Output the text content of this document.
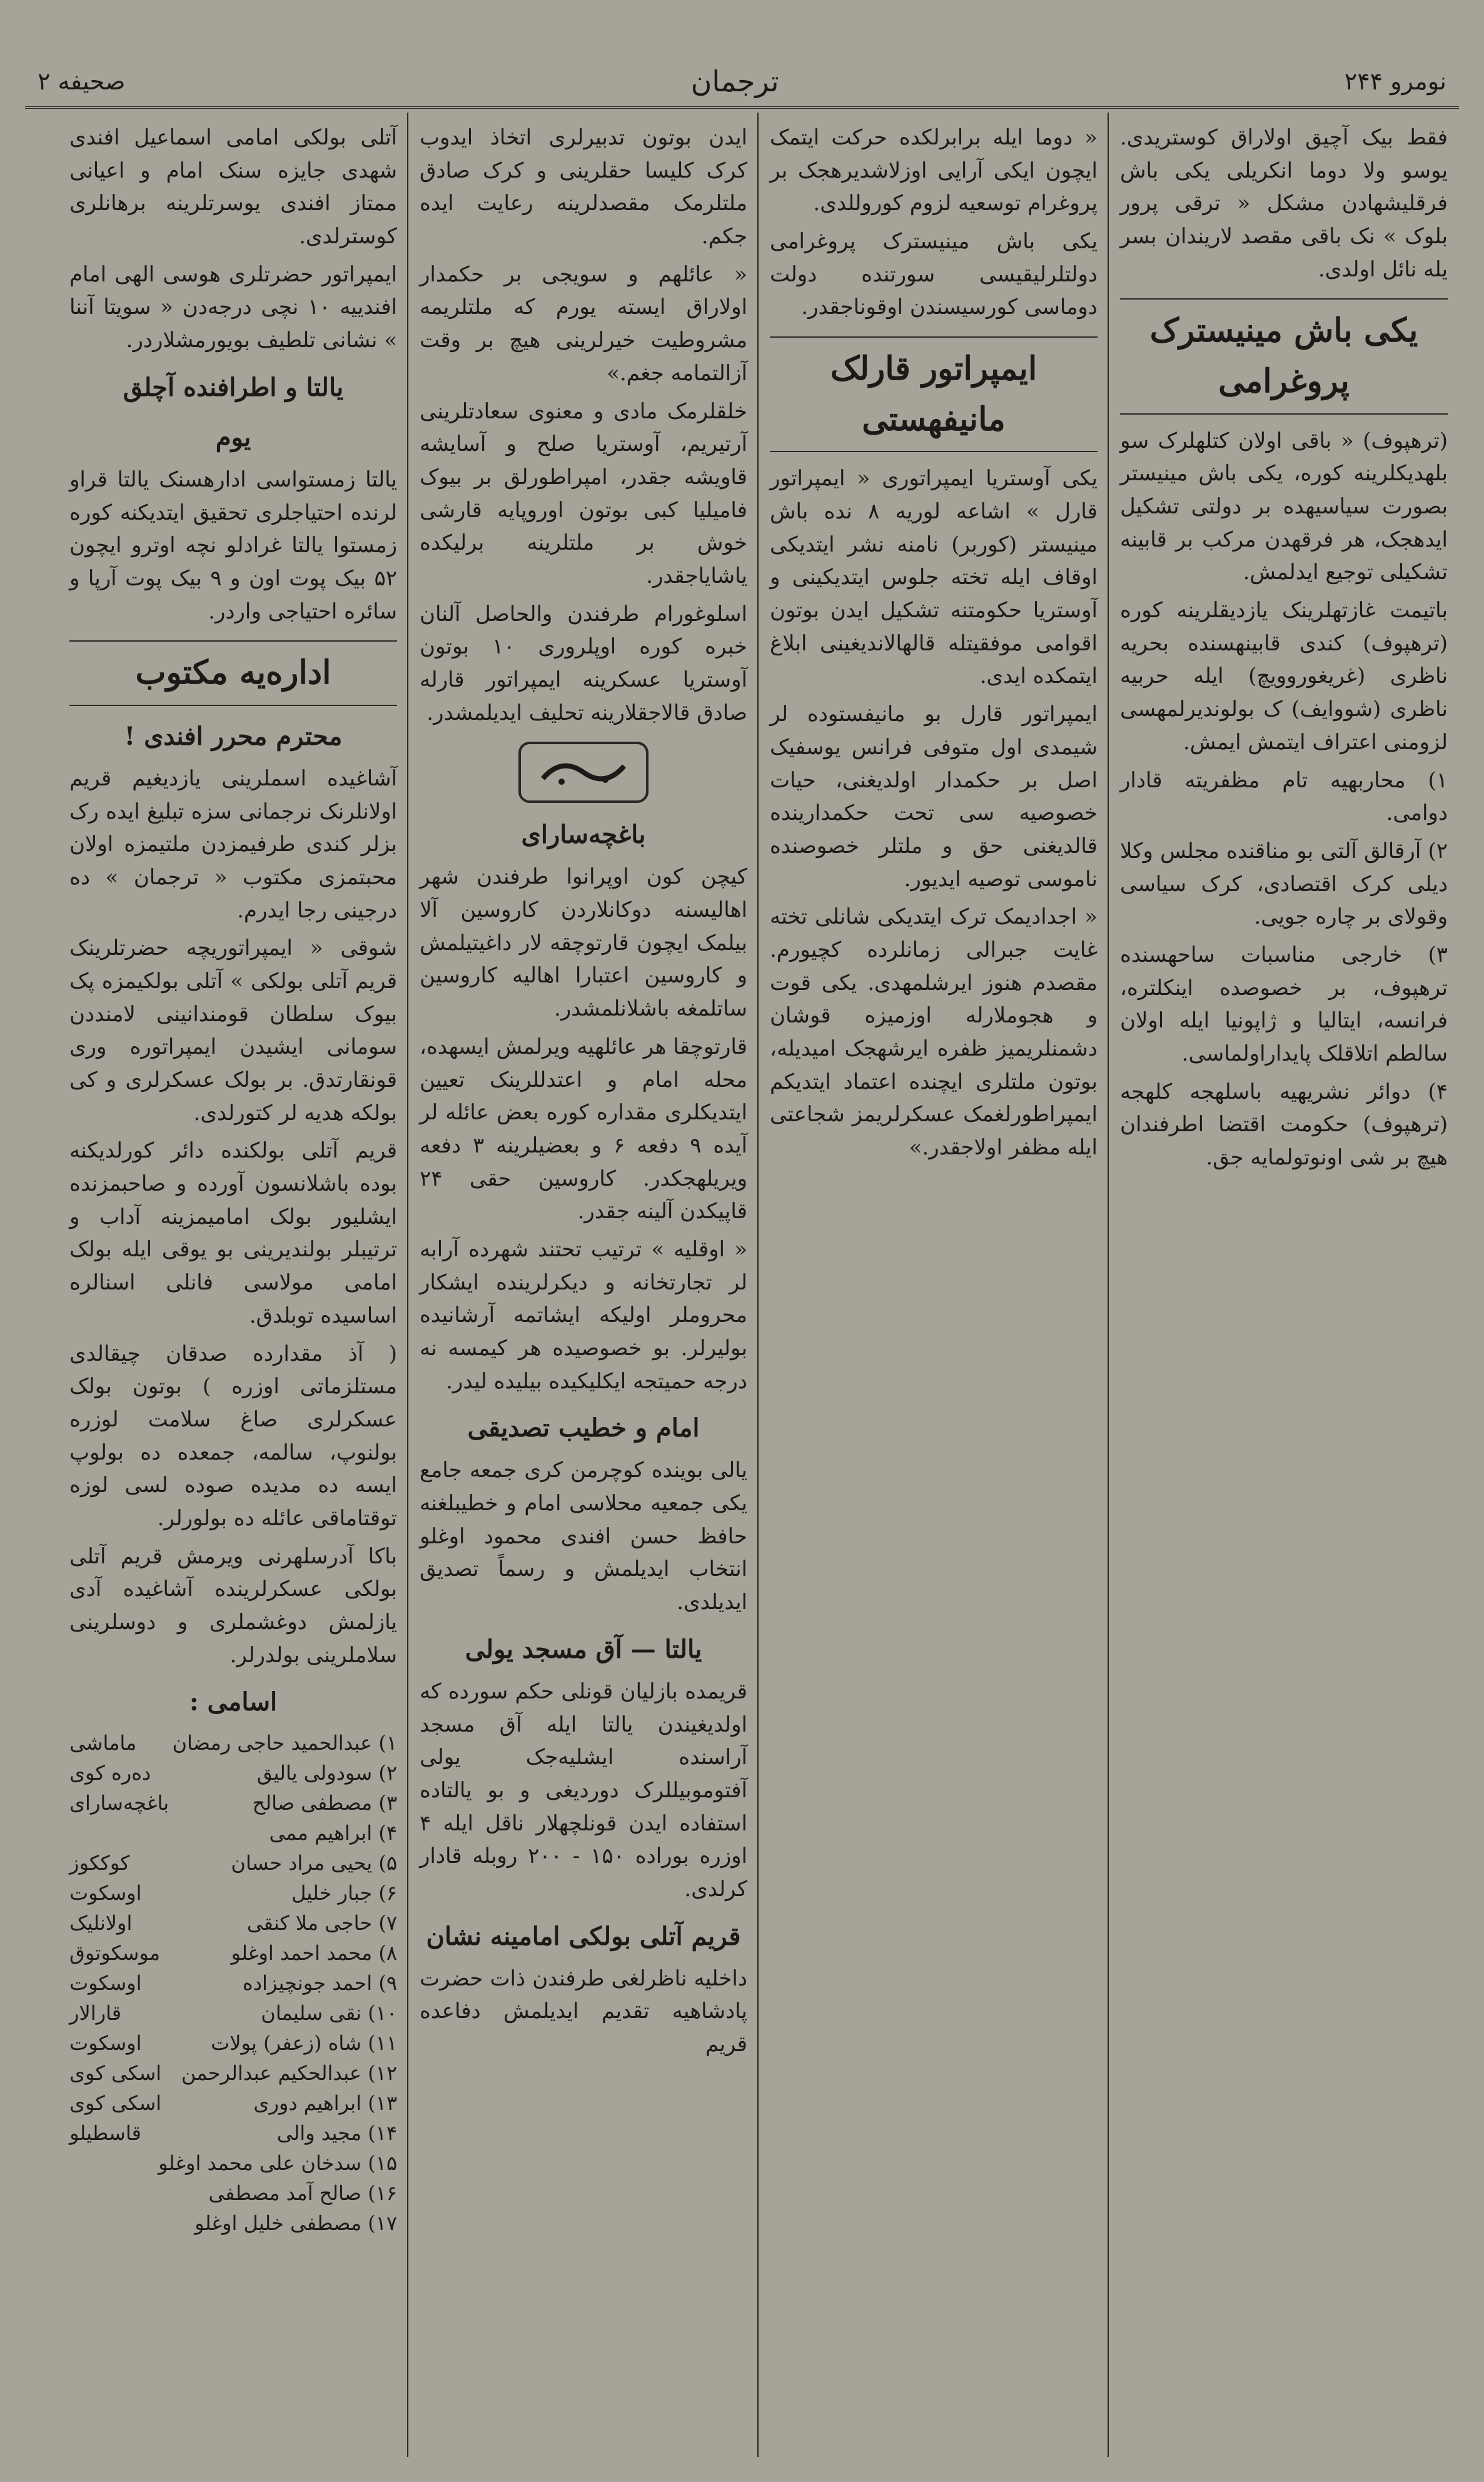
نومرو ۲۴۴
ترجمان
صحیفه ۲

فقط بیک آچیق اولاراق کوستریدی. یوسو ولا دوما انکریلی یکی باش فرقلیشهادن مشکل « ترقی پرور بلوک » نک باقی مقصد لاریندان بسر یله نائل اولدی.

یکی باش مینیسترک پروغرامی

(ترهپوف) « باقی اولان کتلهلرک سو بلهدیکلرینه کوره، یکی باش مینیستر بصورت سیاسیهده بر دولتی تشکیل ایدهجک، هر فرقهدن مرکب بر قابینه تشکیلی توجیع ایدلمش.

باتیمت غازتهلرینک یازدیقلرینه کوره (ترهپوف) کندی قابینهسنده بحریه ناظری (غریغوروویچ) ایله حربیه ناظری (شووایف) ک بولوندیرلمهسی لزومنی اعتراف ایتمش ایمش.

۱) محاربهیه تام مظفریته قادار دوامی.

۲) آرقالق آلتی بو مناقنده مجلس وکلا دیلی کرک اقتصادی، کرک سیاسی وقولای بر چاره جویی.

۳) خارجی مناسبات ساحهسنده ترهپوف، بر خصوصده اینکلتره، فرانسه، ایتالیا و ژاپونیا ایله اولان سالطم اتلاقلک پایداراولماسی.

۴) دوائر نشریهیه باسلهجه کلهجه (ترهپوف) حکومت اقتضا اطرفندان هیچ بر شی اونوتولمایه جق.

« دوما ایله برابرلکده حرکت ایتمک ایچون ایکی آرایی اوزلاشدیرهجک بر پروغرام توسعیه لزوم کوروللدی.

یکی باش مینیسترک پروغرامی دولتلرلیقیسی سورتنده دولت دوماسی کورسیسندن اوقوناجقدر.

ایمپراتور قارلک مانیفهستی

یکی آوستریا ایمپراتوری « ایمپراتور قارل » اشاعه لوریه ۸ نده باش مینیستر (کوربر) نامنه نشر ایتدیکی اوقاف ایله تخته جلوس ایتدیکینی و آوستریا حکومتنه تشکیل ایدن بوتون اقوامی موفقیتله قالهالاندیغینی ابلاغ ایتمکده ایدی.

ایمپراتور قارل بو مانیفستوده لر شیمدی اول متوفی فرانس یوسفیک اصل بر حکمدار اولدیغنی، حیات خصوصیه سی تحت حکمدارینده قالدیغنی حق و ملتلر خصوصنده ناموسی توصیه ایدیور.

« اجدادیمک ترک ایتدیکی شانلی تخته غایت جبرالی زمانلرده کچیورم. مقصدم هنوز ایرشلمهدی. یکی قوت و هجوملارله اوزمیزه قوشان دشمنلریمیز ظفره ایرشهجک امیدیله، بوتون ملتلری ایچنده اعتماد ایتدیکم ایمپراطورلغمک عسکرلریمز شجاعتی ایله مظفر اولاجقدر.»

ایدن بوتون تدبیرلری اتخاذ ایدوب کرک کلیسا حقلرینی و کرک صادق ملتلرمک مقصدلرینه رعایت ایده جکم.

« عائلهم و سویجی بر حکمدار اولاراق ایسته یورم که ملتلریمه مشروطیت خیرلرینی هیچ بر وقت آزالتمامه جغم.»

خلقلرمک مادی و معنوی سعادتلرینی آرتیریم، آوستریا صلح و آسایشه قاویشه جقدر، امپراطورلق بر بیوک فامیلیا کبی بوتون اوروپایه قارشی خوش بر ملتلرینه برلیکده یاشایاجقدر.

اسلوغورام طرفندن والحاصل آلنان خبره کوره اوپلروری ۱۰ بوتون آوستریا عسکرینه ایمپراتور قارله صادق قالاجقلارینه تحلیف ایدیلمشدر.

باغچه‌سارای

کیچن کون اوپرانوا طرفندن شهر اهالیسنه دوکانلاردن کاروسین آلا بیلمک ایچون قارتوچقه لار داغیتیلمش و کاروسین اعتبارا اهالیه کاروسین ساتلمغه باشلانلمشدر.

قارتوچقا هر عائلهیه ویرلمش ایسهده، محله امام و اعتدللرینک تعیین ایتدیکلری مقداره کوره بعض عائله لر آیده ۹ دفعه ۶ و بعضیلرینه ۳ دفعه ویریلهجکدر. کاروسین حقی ۲۴ قاپیکدن آلینه جقدر.

« اوقلیه » ترتیب تحتند شهرده آرابه لر تجارتخانه و دیکرلرینده ایشکار محروملر اولیکه ایشاتمه آرشانیده بولیرلر. بو خصوصیده هر کیمسه نه درجه حمیتجه ایکلیکیده بیلیده لیدر.

امام و خطیب تصدیقی

یالی بوینده کوچرمن کری جمعه جامع یکی جمعیه محلاسی امام و خطیبلغنه حافظ حسن افندی محمود اوغلو انتخاب ایدیلمش و رسماً تصدیق ایدیلدی.

یالتا — آق مسجد یولی

قریمده بازلیان قونلی حکم سورده که اولدیغیندن یالتا ایله آق مسجد آراسنده ایشلیه‌جک یولی آفتوموبیللرک دوردیغی و بو یالتاده استفاده ایدن قونلچهلار ناقل ایله ۴ اوزره بوراده ۱۵۰ - ۲۰۰ روبله قادار کرلدی.

قریم آتلی بولکی امامینه نشان

داخلیه ناظرلغی طرفندن ذات حضرت پادشاهیه تقدیم ایدیلمش دفاعده قریم

آتلی بولکی امامی اسماعیل افندی شهدی جایزه سنک امام و اعیانی ممتاز افندی یوسرتلرینه برهانلری کوسترلدی.

ایمپراتور حضرتلری هوسی الهی امام افندییه ۱۰ نچی درجه‌دن « سویتا آننا » نشانی تلطیف بویورمشلاردر.

یالتا و اطرافنده آچلق
یوم

یالتا زمستواسی ادارهسنک یالتا قراو لرنده احتیاجلری تحقیق ایتدیکنه کوره زمستوا یالتا غرادلو نچه اوترو ایچون ۵۲ بیک پوت اون و ۹ بیک پوت آرپا و سائره احتیاجی واردر.

اداره‌یه مکتوب
محترم محرر افندی !

آشاغیده اسملرینی یازدیغیم قریم اولانلرنک نرجمانی سزه تبلیغ ایده رک بزلر کندی طرفیمزدن ملتیمزه اولان محبتمزی مکتوب « ترجمان » ده درجینی رجا ایدرم.

شوقی « ایمپراتوریچه حضرتلرینک قریم آتلی بولکی » آتلی بولکیمزه پک بیوک سلطان قومندانینی لامنددن سومانی ایشیدن ایمپراتوره وری قونقارتدق. بر بولک عسکرلری و کی بولکه هدیه لر کتورلدی.

قریم آتلی بولکنده دائر کورلدیکنه بوده باشلانسون آورده و صاحبمزنده ایشلیور بولک امامیمزینه آداب و ترتیبلر بولندیرینی بو یوقی ایله بولک امامی مولاسی فانلی اسنالره اساسیده توبلدق.

( آذ مقدارده صدقان چیقالدی مستلزماتی اوزره ) بوتون بولک عسکرلری صاغ سلامت لوزره بولنوپ، سالمه، جمعده ده بولوپ ایسه ده مدیده صوده لسی لوزه توقتاماقی عائله ده بولورلر.

باکا آدرسلهرنی ویرمش قریم آتلی بولکی عسکرلرینده آشاغیده آدی یازلمش دوغشملری و دوسلرینی سلاملرینی بولدرلر.

اسامی :
۱) عبدالحمید حاجی رمضان
ماماشی
۲) سودولی یالیق
ده‌ره کوی
۳) مصطفی صالح
باغچه‌سارای
۴) ابراهیم ممی
۵) یحیی مراد حسان
کوککوز
۶) جبار خلیل
اوسکوت
۷) حاجی ملا کنقی
اولانلیک
۸) محمد احمد اوغلو
موسکوتوق
۹) احمد جونچیزاده
اوسکوت
۱۰) نقی سلیمان
قارالار
۱۱) شاه (زعفر) پولات
اوسکوت
۱۲) عبدالحکیم عبدالرحمن
اسکی کوی
۱۳) ابراهیم دوری
اسکی کوی
۱۴) مجید والی
قاسطیلو
۱۵) سدخان علی محمد اوغلو
۱۶) صالح آمد مصطفی
۱۷) مصطفی خلیل اوغلو
